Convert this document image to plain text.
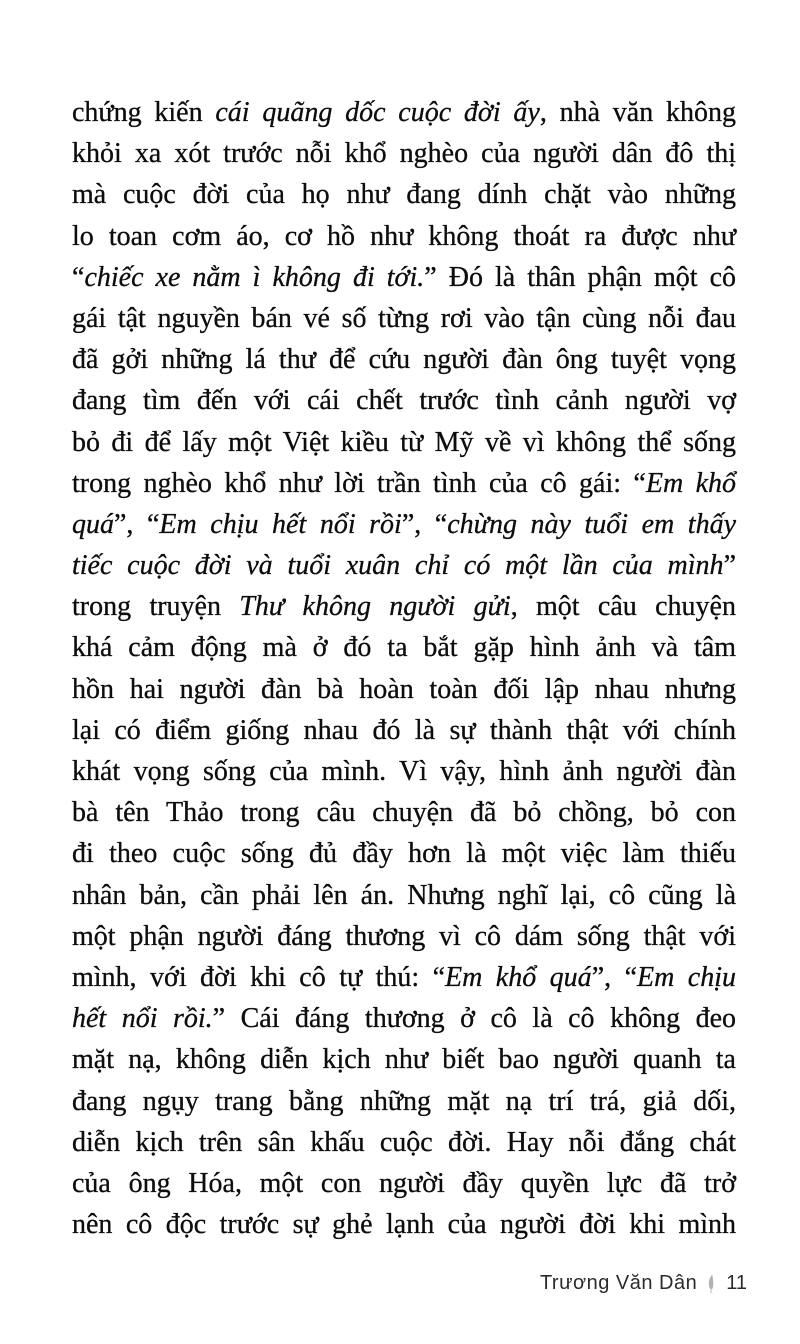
chứng kiến cái quãng dốc cuộc đời ấy, nhà văn không
khỏi xa xót trước nỗi khổ nghèo của người dân đô thị
mà cuộc đời của họ như đang dính chặt vào những
lo toan cơm áo, cơ hồ như không thoát ra được như
“chiếc xe nằm ì không đi tới.” Đó là thân phận một cô
gái tật nguyền bán vé số từng rơi vào tận cùng nỗi đau
đã gởi những lá thư để cứu người đàn ông tuyệt vọng
đang tìm đến với cái chết trước tình cảnh người vợ
bỏ đi để lấy một Việt kiều từ Mỹ về vì không thể sống
trong nghèo khổ như lời trần tình của cô gái: “Em khổ
quá”, “Em chịu hết nổi rồi”, “chừng này tuổi em thấy
tiếc cuộc đời và tuổi xuân chỉ có một lần của mình”
trong truyện Thư không người gửi, một câu chuyện
khá cảm động mà ở đó ta bắt gặp hình ảnh và tâm
hồn hai người đàn bà hoàn toàn đối lập nhau nhưng
lại có điểm giống nhau đó là sự thành thật với chính
khát vọng sống của mình. Vì vậy, hình ảnh người đàn
bà tên Thảo trong câu chuyện đã bỏ chồng, bỏ con
đi theo cuộc sống đủ đầy hơn là một việc làm thiếu
nhân bản, cần phải lên án. Nhưng nghĩ lại, cô cũng là
một phận người đáng thương vì cô dám sống thật với
mình, với đời khi cô tự thú: “Em khổ quá”, “Em chịu
hết nổi rồi.” Cái đáng thương ở cô là cô không đeo
mặt nạ, không diễn kịch như biết bao người quanh ta
đang ngụy trang bằng những mặt nạ trí trá, giả dối,
diễn kịch trên sân khấu cuộc đời. Hay nỗi đắng chát
của ông Hóa, một con người đầy quyền lực đã trở
nên cô độc trước sự ghẻ lạnh của người đời khi mình
Trương Văn Dân 11
